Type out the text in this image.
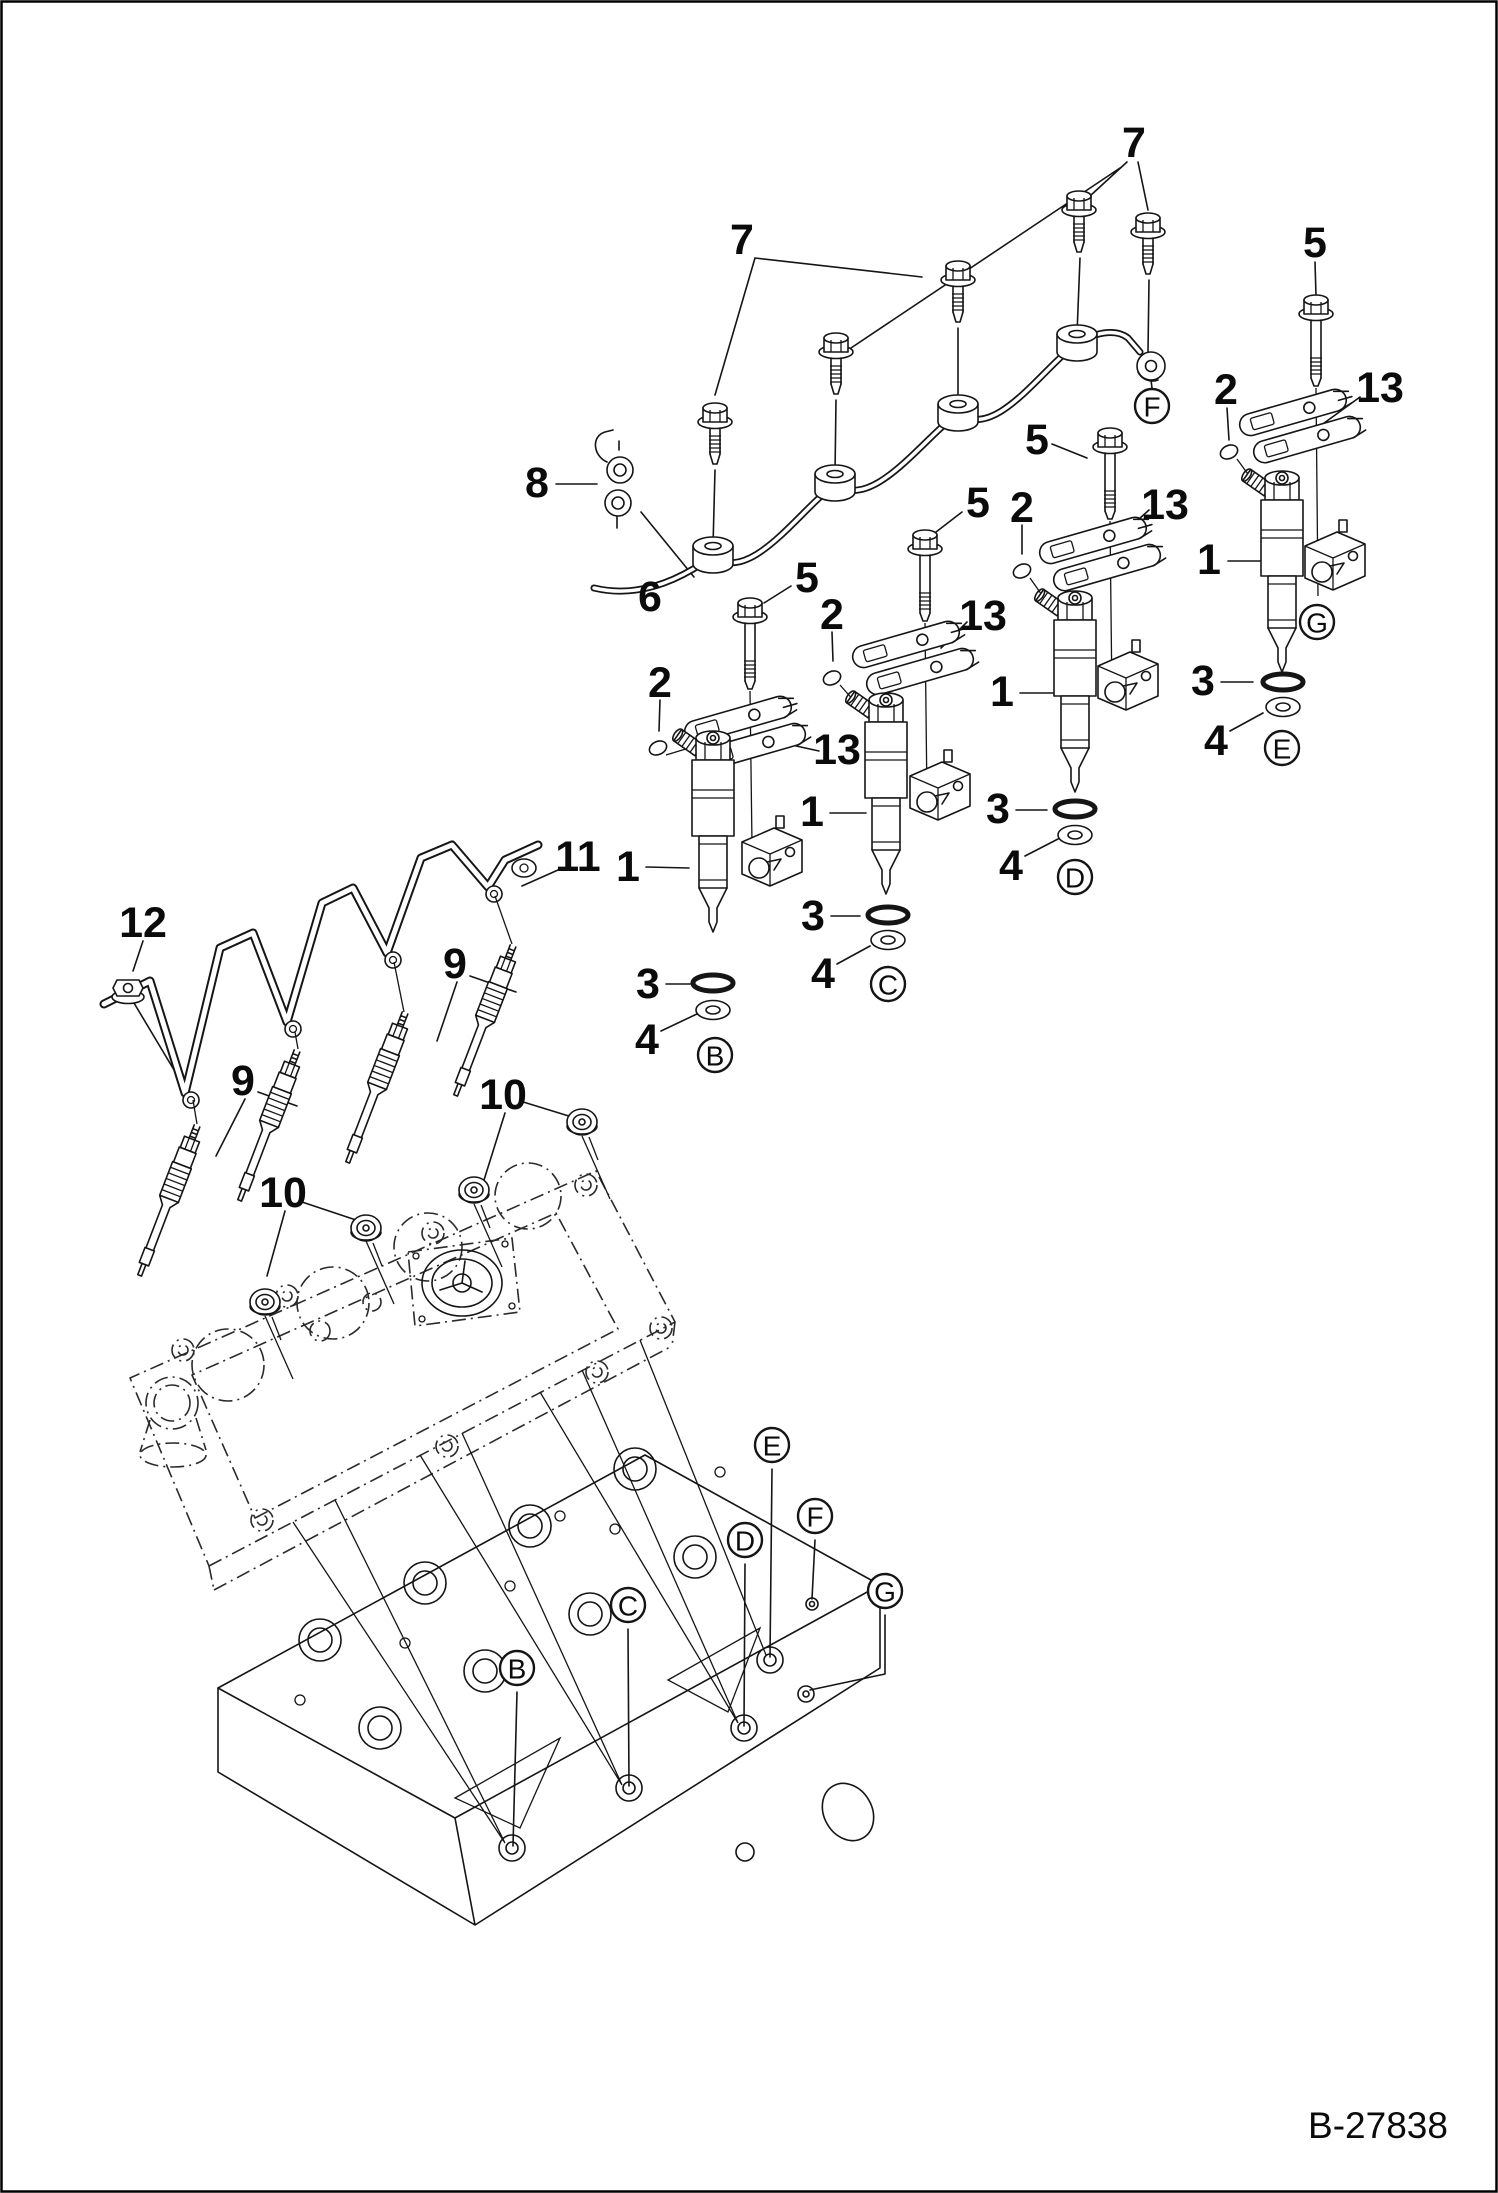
7
7
8
6	5
5
5
5
2
2
2
2
13
13
13
13
1
1
1
1
3
3
3
3
4
4
4
4
11
12
9
9	10
10
B
C
D
E
F
G
B
C
D
E
F
G
B-27838
